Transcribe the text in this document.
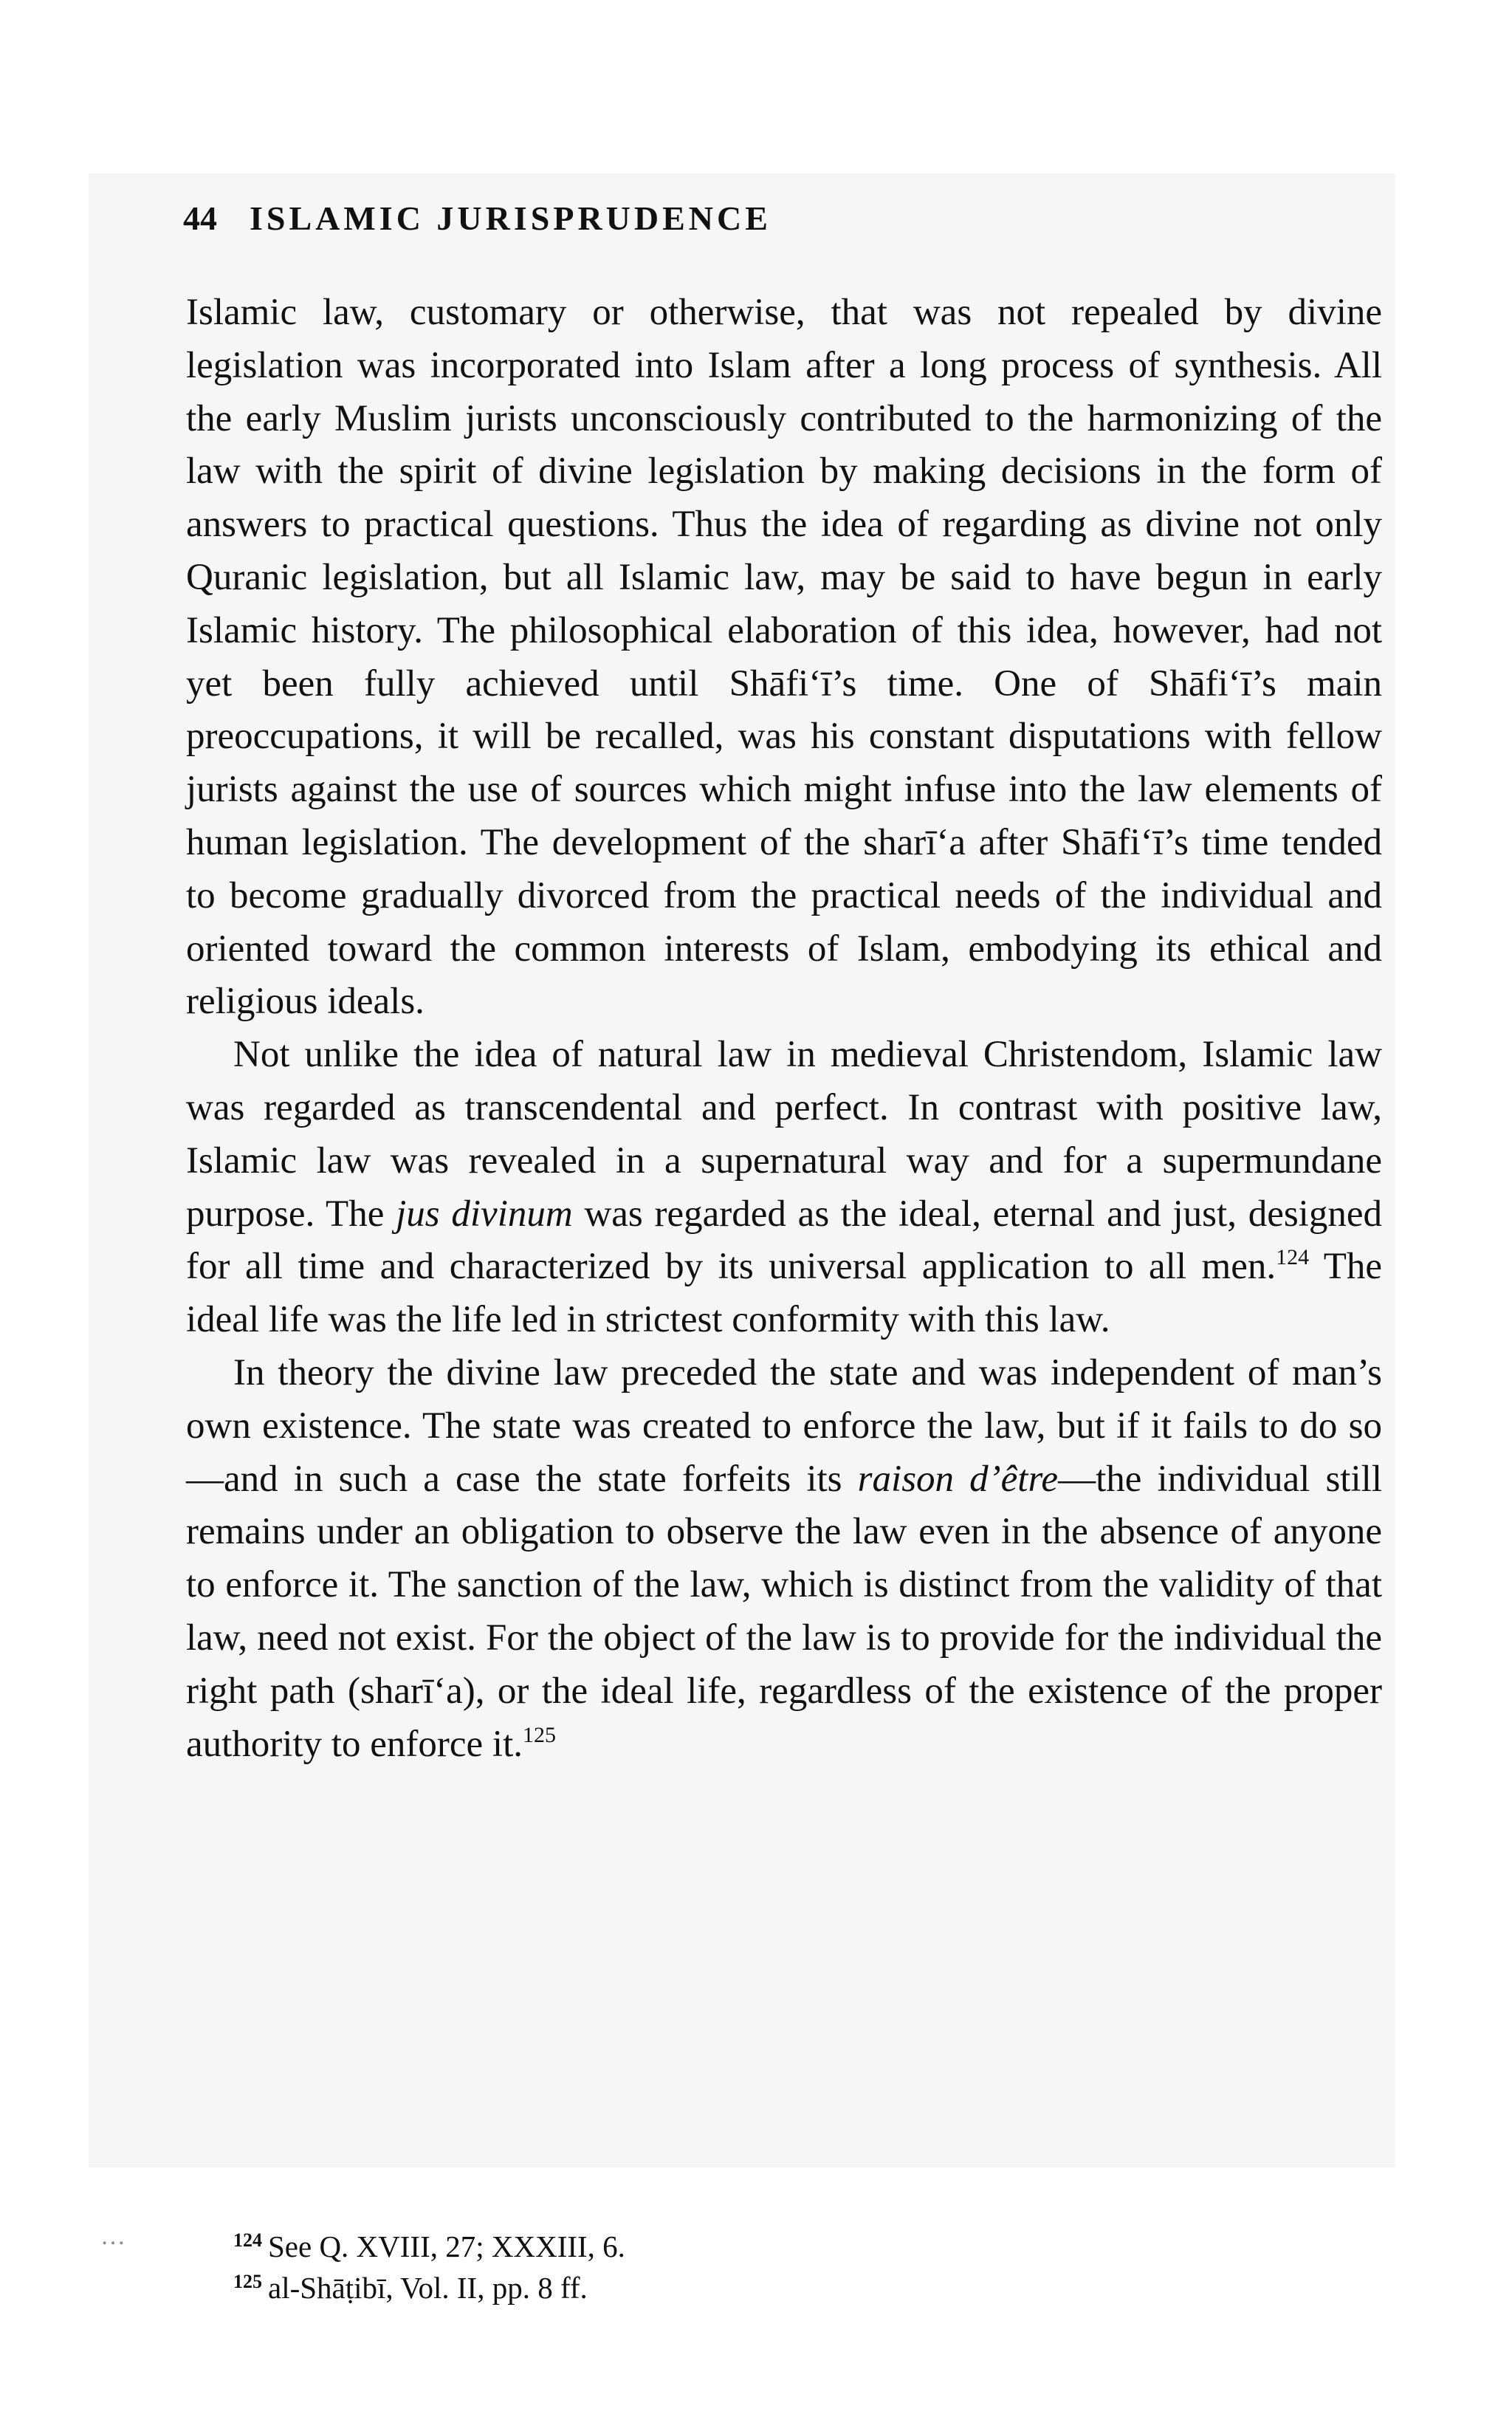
44 ISLAMIC JURISPRUDENCE

Islamic law, customary or otherwise, that was not repealed by divine legislation was incorporated into Islam after a long process of synthesis. All the early Muslim jurists unconsciously contributed to the harmonizing of the law with the spirit of divine legislation by making decisions in the form of answers to practical questions. Thus the idea of regarding as divine not only Quranic legislation, but all Islamic law, may be said to have begun in early Islamic history. The philosophical elaboration of this idea, however, had not yet been fully achieved until Shāfi‘ī’s time. One of Shāfi‘ī’s main preoccupations, it will be recalled, was his constant disputations with fellow jurists against the use of sources which might infuse into the law elements of human legislation. The development of the sharī‘a after Shāfi‘ī’s time tended to become gradually divorced from the practical needs of the individual and oriented toward the common interests of Islam, embodying its ethical and religious ideals.

Not unlike the idea of natural law in medieval Christendom, Islamic law was regarded as transcendental and perfect. In contrast with positive law, Islamic law was revealed in a supernatural way and for a supermundane purpose. The jus divinum was regarded as the ideal, eternal and just, designed for all time and characterized by its universal application to all men.$^{124}$ The ideal life was the life led in strictest conformity with this law.

In theory the divine law preceded the state and was independent of man’s own existence. The state was created to enforce the law, but if it fails to do so—and in such a case the state forfeits its raison d’être—the individual still remains under an obligation to observe the law even in the absence of anyone to enforce it. The sanction of the law, which is distinct from the validity of that law, need not exist. For the object of the law is to provide for the individual the right path (sharī‘a), or the ideal life, regardless of the existence of the proper authority to enforce it.$^{125}$

…	$^{124}$ See Q. XVIII, 27; XXXIII, 6.
$^{125}$ al-Shāṭibī, Vol. II, pp. 8 ff.
